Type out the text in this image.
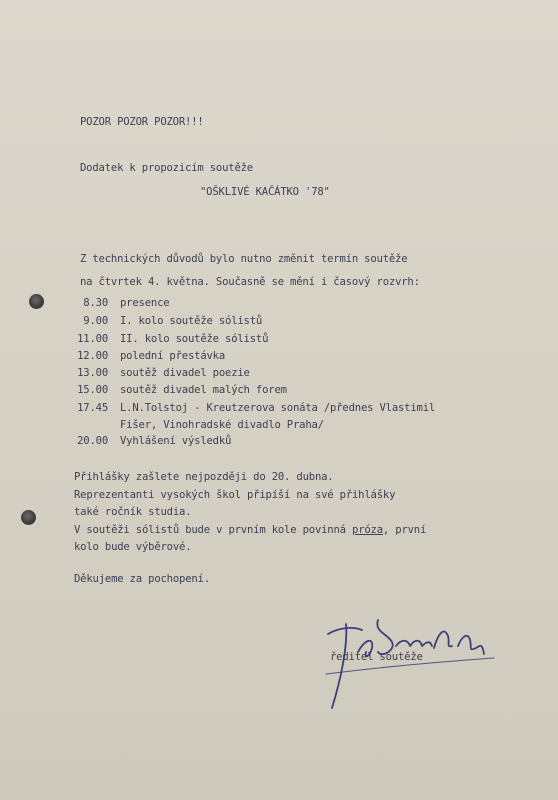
POZOR POZOR POZOR!!!
Dodatek k propozicím soutěže
"OŠKLIVÉ KAČÁTKO '78"
Z technických důvodů bylo nutno změnit termín soutěže
na čtvrtek 4. května. Současně se mění i časový rozvrh:
8.30 presence
9.00 I. kolo soutěže sólistů
11.00 II. kolo soutěže sólistů
12.00 polední přestávka
13.00 soutěž divadel poezie
15.00 soutěž divadel malých forem
17.45 L.N.Tolstoj - Kreutzerova sonáta /přednes Vlastimil
Fišer, Vinohradské divadlo Praha/
20.00 Vyhlášení výsledků
Přihlášky zašlete nejpozději do 20. dubna.
Reprezentanti vysokých škol připíší na své přihlášky
také ročník studia.
V soutěži sólistů bude v prvním kole povinná próza, první
kolo bude výběrové.
Děkujeme za pochopení.
ředitel soutěže
